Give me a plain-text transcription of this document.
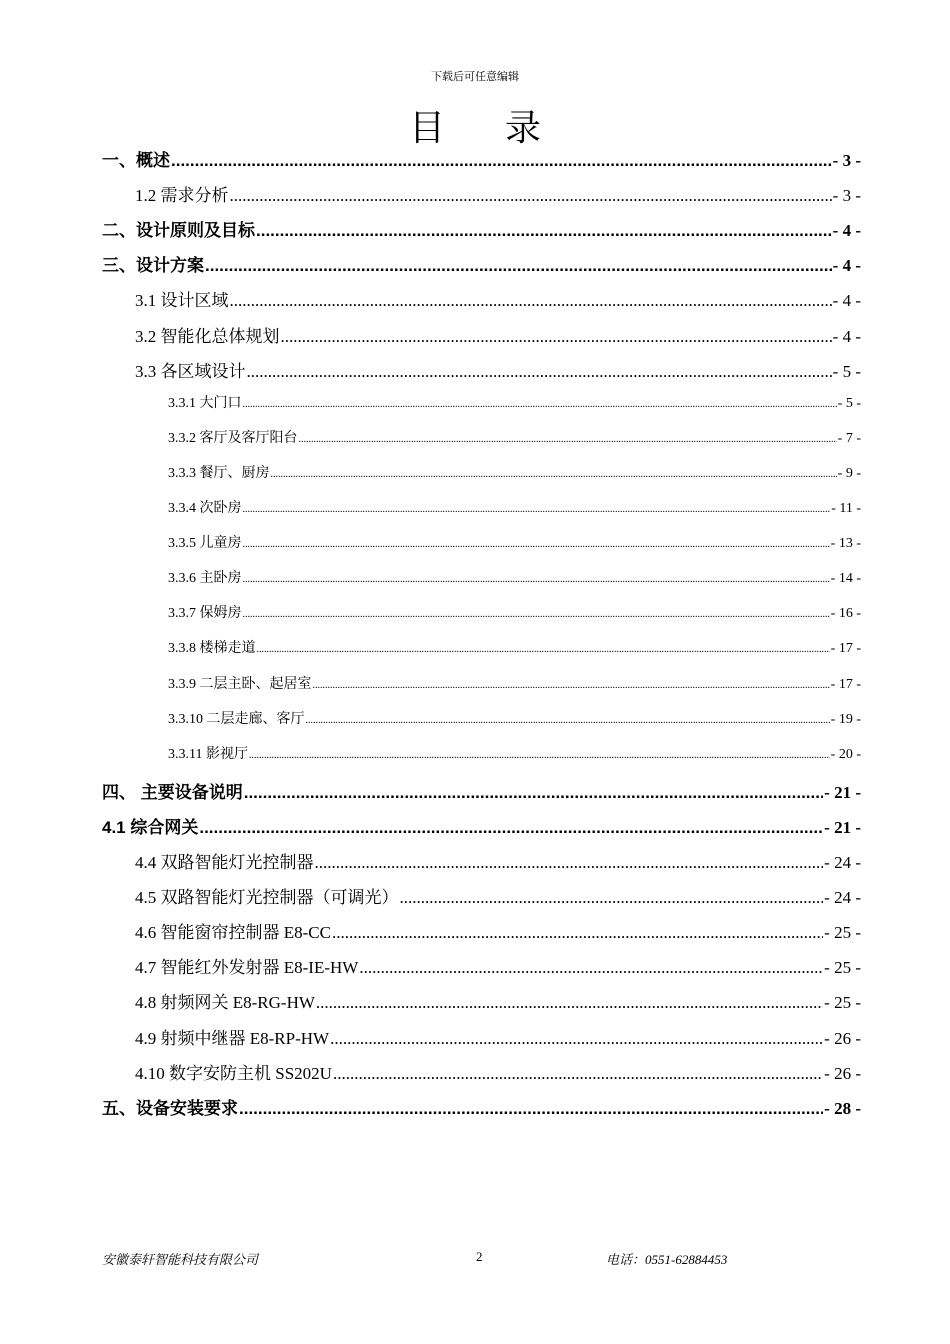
下载后可任意编辑
目录
一、概述 .....	- 3 -
1.2 需求分析 .....	- 3 -
二、设计原则及目标 .....	- 4 -
三、设计方案 .....	- 4 -
3.1 设计区域 .....	- 4 -
3.2 智能化总体规划 .....	- 4 -
3.3 各区域设计 .....	- 5 -
3.3.1 大门口 .....	- 5 -
3.3.2 客厅及客厅阳台 .....	- 7 -
3.3.3 餐厅、厨房 .....	- 9 -
3.3.4 次卧房 .....	- 11 -
3.3.5 儿童房 .....	- 13 -
3.3.6 主卧房 .....	- 14 -
3.3.7 保姆房 .....	- 16 -
3.3.8 楼梯走道 .....	- 17 -
3.3.9 二层主卧、起居室 .....	- 17 -
3.3.10 二层走廊、客厅 .....	- 19 -
3.3.11 影视厅 .....	- 20 -
四、 主要设备说明 .....	- 21 -
4.1 综合网关 .....	- 21 -
4.4 双路智能灯光控制器 .....	- 24 -
4.5 双路智能灯光控制器（可调光） .....	- 24 -
4.6 智能窗帘控制器 E8-CC .....	- 25 -
4.7 智能红外发射器 E8-IE-HW .....	- 25 -
4.8 射频网关 E8-RG-HW .....	- 25 -
4.9 射频中继器 E8-RP-HW .....	- 26 -
4.10 数字安防主机 SS202U .....	- 26 -
五、设备安装要求 .....	- 28 -
安徽泰轩智能科技有限公司	2	电话：0551-62884453
